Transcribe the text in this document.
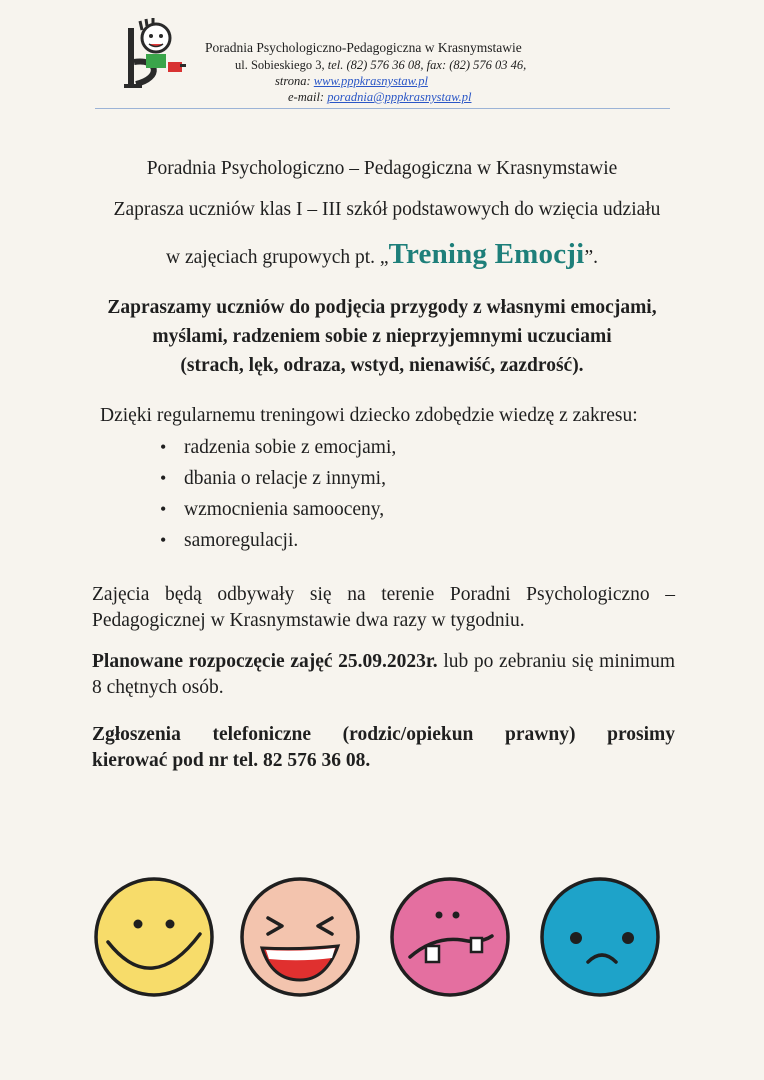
Poradnia Psychologiczno-Pedagogiczna w Krasnymstawie
ul. Sobieskiego 3, tel. (82) 576 36 08, fax: (82) 576 03 46,
strona: www.pppkrasnystaw.pl
e-mail: poradnia@pppkrasnystaw.pl
Poradnia Psychologiczno – Pedagogiczna w Krasnymstawie
Zaprasza uczniów klas I – III szkół podstawowych do wzięcia udziału
w zajęciach grupowych pt. „Trening Emocji”.
Zapraszamy uczniów do podjęcia przygody z własnymi emocjami,
myślami, radzeniem sobie z nieprzyjemnymi uczuciami
(strach, lęk, odraza, wstyd, nienawiść, zazdrość).
Dzięki regularnemu treningowi dziecko zdobędzie wiedzę z zakresu:
• radzenia sobie z emocjami,
• dbania o relacje z innymi,
• wzmocnienia samooceny,
• samoregulacji.
Zajęcia będą odbywały się na terenie Poradni Psychologiczno – Pedagogicznej w Krasnymstawie dwa razy w tygodniu.
Planowane rozpoczęcie zajęć 25.09.2023r. lub po zebraniu się minimum 8 chętnych osób.
Zgłoszenia telefoniczne (rodzic/opiekun prawny) prosimy
kierować pod nr tel. 82 576 36 08.
